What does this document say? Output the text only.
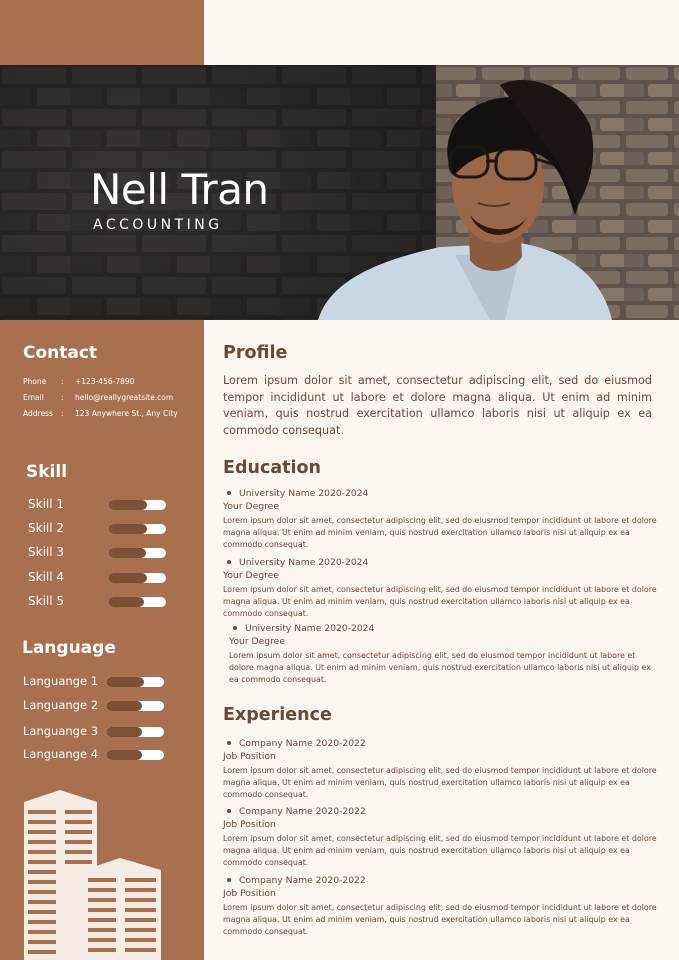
Nell Tran
ACCOUNTING
Contact
Phone : +123-456-7890
Email : hello@reallygreatsite.com
Address : 123 Anywhere St., Any City
Skill
Skill 1
Skill 2
Skill 3
Skill 4
Skill 5
Language
Languange 1
Languange 2
Languange 3
Languange 4
Profile
Lorem ipsum dolor sit amet, consectetur adipiscing elit, sed do eiusmod tempor incididunt ut labore et dolore magna aliqua. Ut enim ad minim veniam, quis nostrud exercitation ullamco laboris nisi ut aliquip ex ea commodo consequat.
Education
University Name 2020-2024
Your Degree
Lorem ipsum dolor sit amet, consectetur adipiscing elit, sed do eiusmod tempor incididunt ut labore et dolore magna aliqua. Ut enim ad minim veniam, quis nostrud exercitation ullamco laboris nisi ut aliquip ex ea commodo consequat.
University Name 2020-2024
Your Degree
Lorem ipsum dolor sit amet, consectetur adipiscing elit, sed do eiusmod tempor incididunt ut labore et dolore magna aliqua. Ut enim ad minim veniam, quis nostrud exercitation ullamco laboris nisi ut aliquip ex ea commodo consequat.
University Name 2020-2024
Your Degree
Lorem ipsum dolor sit amet, consectetur adipiscing elit, sed do eiusmod tempor incididunt ut labore et dolore magna aliqua. Ut enim ad minim veniam, quis nostrud exercitation ullamco laboris nisi ut aliquip ex ea commodo consequat.
Experience
Company Name 2020-2022
Job Position
Lorem ipsum dolor sit amet, consectetur adipiscing elit, sed do eiusmod tempor incididunt ut labore et dolore magna aliqua. Ut enim ad minim veniam, quis nostrud exercitation ullamco laboris nisi ut aliquip ex ea commodo consequat.
Company Name 2020-2022
Job Position
Lorem ipsum dolor sit amet, consectetur adipiscing elit, sed do eiusmod tempor incididunt ut labore et dolore magna aliqua. Ut enim ad minim veniam, quis nostrud exercitation ullamco laboris nisi ut aliquip ex ea commodo consequat.
Company Name 2020-2022
Job Position
Lorem ipsum dolor sit amet, consectetur adipiscing elit, sed do eiusmod tempor incididunt ut labore et dolore magna aliqua. Ut enim ad minim veniam, quis nostrud exercitation ullamco laboris nisi ut aliquip ex ea commodo consequat.
